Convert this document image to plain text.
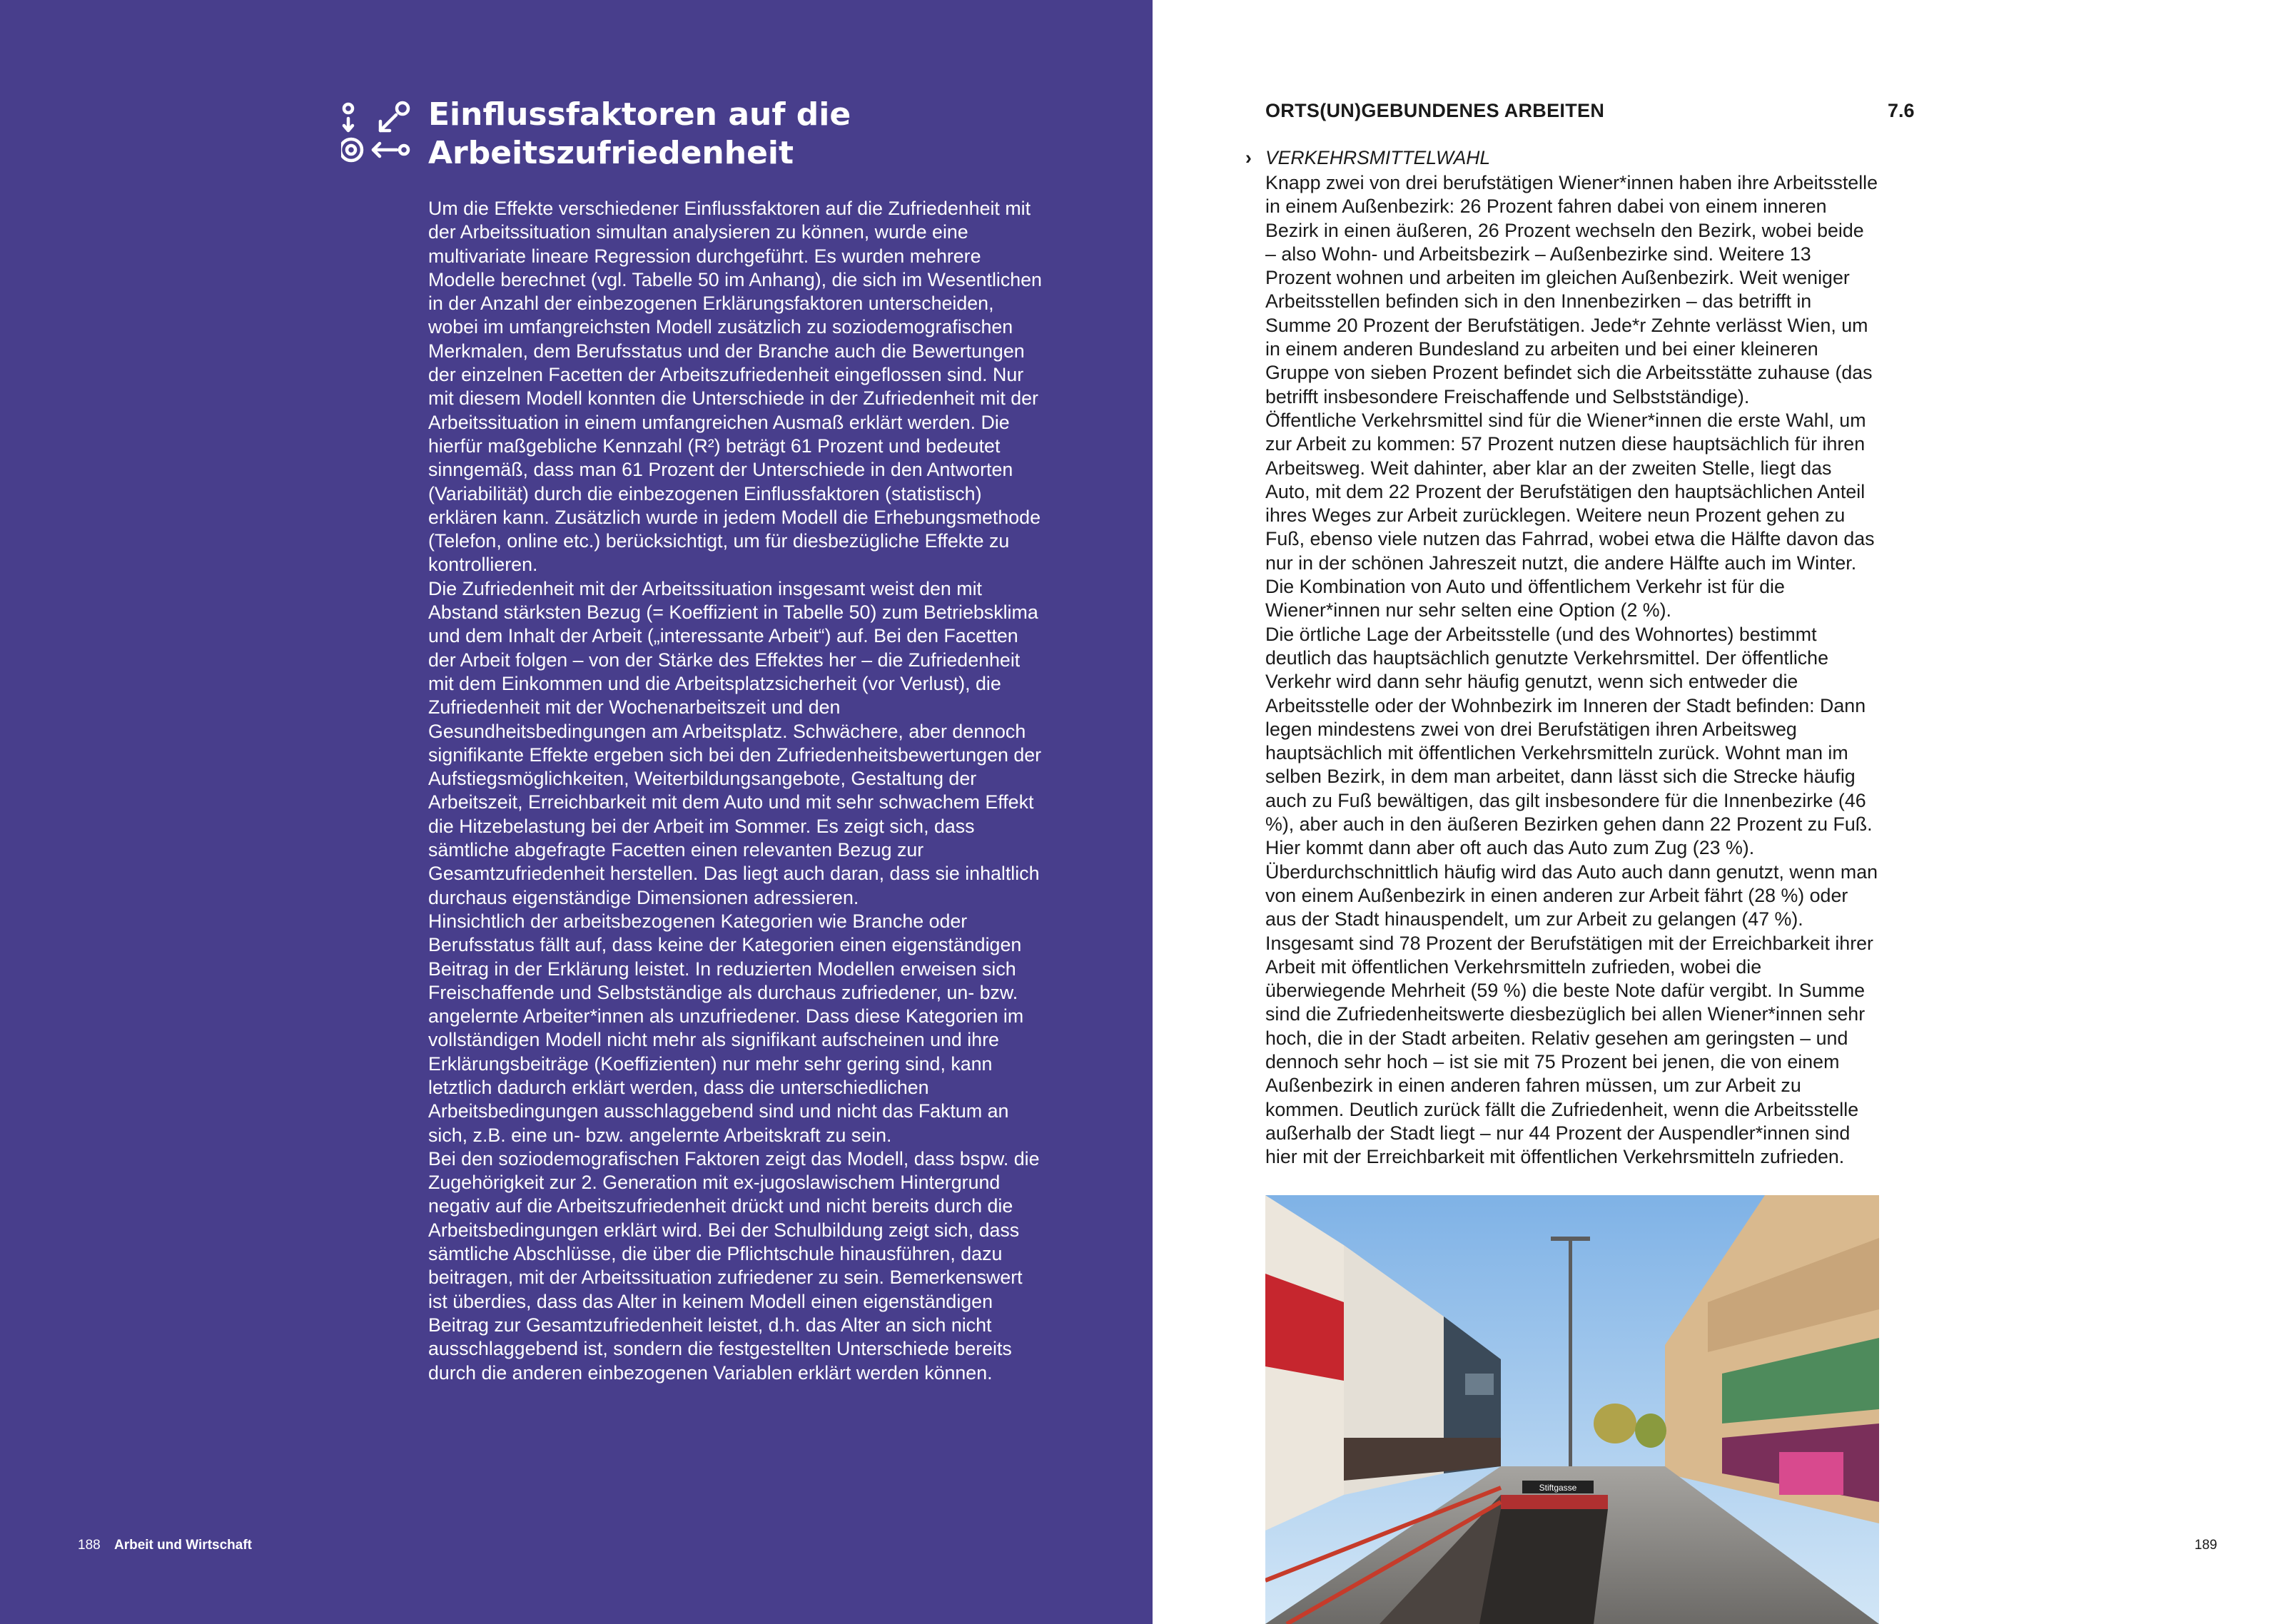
Einflussfaktoren auf die
Arbeitszufriedenheit

Um die Effekte verschiedener Einflussfaktoren auf die Zufriedenheit mit der Arbeitssituation simultan analysieren zu können, wurde eine multivariate lineare Regression durchgeführt. Es wurden mehrere Modelle berechnet (vgl. Tabelle 50 im Anhang), die sich im Wesentlichen in der Anzahl der einbezogenen Erklärungsfaktoren unterscheiden, wobei im umfangreichsten Modell zusätzlich zu soziodemografischen Merkmalen, dem Berufsstatus und der Branche auch die Bewertungen der einzelnen Facetten der Arbeitszufriedenheit eingeflossen sind. Nur mit diesem Modell konnten die Unterschiede in der Zufriedenheit mit der Arbeitssituation in einem umfangreichen Ausmaß erklärt werden. Die hierfür maßgebliche Kennzahl (R²) beträgt 61 Prozent und bedeutet sinngemäß, dass man 61 Prozent der Unterschiede in den Antworten (Variabilität) durch die einbezogenen Einflussfaktoren (statistisch) erklären kann. Zusätzlich wurde in jedem Modell die Erhebungsmethode (Telefon, online etc.) berücksichtigt, um für diesbezügliche Effekte zu kontrollieren.

Die Zufriedenheit mit der Arbeitssituation insgesamt weist den mit Abstand stärksten Bezug (= Koeffizient in Tabelle 50) zum Betriebsklima und dem Inhalt der Arbeit („interessante Arbeit“) auf. Bei den Facetten der Arbeit folgen – von der Stärke des Effektes her – die Zufriedenheit mit dem Einkommen und die Arbeitsplatzsicherheit (vor Verlust), die Zufriedenheit mit der Wochenarbeitszeit und den Gesundheitsbedingungen am Arbeitsplatz. Schwächere, aber dennoch signifikante Effekte ergeben sich bei den Zufriedenheitsbewertungen der Aufstiegsmöglichkeiten, Weiterbildungsangebote, Gestaltung der Arbeitszeit, Erreichbarkeit mit dem Auto und mit sehr schwachem Effekt die Hitzebelastung bei der Arbeit im Sommer. Es zeigt sich, dass sämtliche abgefragte Facetten einen relevanten Bezug zur Gesamtzufriedenheit herstellen. Das liegt auch daran, dass sie inhaltlich durchaus eigenständige Dimensionen adressieren.

Hinsichtlich der arbeitsbezogenen Kategorien wie Branche oder Berufsstatus fällt auf, dass keine der Kategorien einen eigenständigen Beitrag in der Erklärung leistet. In reduzierten Modellen erweisen sich Freischaffende und Selbstständige als durchaus zufriedener, un- bzw. angelernte Arbeiter*innen als unzufriedener. Dass diese Kategorien im vollständigen Modell nicht mehr als signifikant aufscheinen und ihre Erklärungsbeiträge (Koeffizienten) nur mehr sehr gering sind, kann letztlich dadurch erklärt werden, dass die unterschiedlichen Arbeitsbedingungen ausschlaggebend sind und nicht das Faktum an sich, z.B. eine un- bzw. angelernte Arbeitskraft zu sein.

Bei den soziodemografischen Faktoren zeigt das Modell, dass bspw. die Zugehörigkeit zur 2. Generation mit ex-jugoslawischem Hintergrund negativ auf die Arbeitszufriedenheit drückt und nicht bereits durch die Arbeitsbedingungen erklärt wird. Bei der Schulbildung zeigt sich, dass sämtliche Abschlüsse, die über die Pflichtschule hinausführen, dazu beitragen, mit der Arbeitssituation zufriedener zu sein. Bemerkenswert ist überdies, dass das Alter in keinem Modell einen eigenständigen Beitrag zur Gesamtzufriedenheit leistet, d.h. das Alter an sich nicht ausschlaggebend ist, sondern die festgestellten Unterschiede bereits durch die anderen einbezogenen Variablen erklärt werden können.

188 Arbeit und Wirtschaft
ORTS(UN)GEBUNDENES ARBEITEN	7.6
› VERKEHRSMITTELWAHL

Knapp zwei von drei berufstätigen Wiener*innen haben ihre Arbeitsstelle in einem Außenbezirk: 26 Prozent fahren dabei von einem inneren Bezirk in einen äußeren, 26 Prozent wechseln den Bezirk, wobei beide – also Wohn- und Arbeitsbezirk – Außenbezirke sind. Weitere 13 Prozent wohnen und arbeiten im gleichen Außenbezirk. Weit weniger Arbeitsstellen befinden sich in den Innenbezirken – das betrifft in Summe 20 Prozent der Berufstätigen. Jede*r Zehnte verlässt Wien, um in einem anderen Bundesland zu arbeiten und bei einer kleineren Gruppe von sieben Prozent befindet sich die Arbeitsstätte zuhause (das betrifft insbesondere Freischaffende und Selbstständige).

Öffentliche Verkehrsmittel sind für die Wiener*innen die erste Wahl, um zur Arbeit zu kommen: 57 Prozent nutzen diese hauptsächlich für ihren Arbeitsweg. Weit dahinter, aber klar an der zweiten Stelle, liegt das Auto, mit dem 22 Prozent der Berufstätigen den hauptsächlichen Anteil ihres Weges zur Arbeit zurücklegen. Weitere neun Prozent gehen zu Fuß, ebenso viele nutzen das Fahrrad, wobei etwa die Hälfte davon das nur in der schönen Jahreszeit nutzt, die andere Hälfte auch im Winter. Die Kombination von Auto und öffentlichem Verkehr ist für die Wiener*innen nur sehr selten eine Option (2 %).

Die örtliche Lage der Arbeitsstelle (und des Wohnortes) bestimmt deutlich das hauptsächlich genutzte Verkehrsmittel. Der öffentliche Verkehr wird dann sehr häufig genutzt, wenn sich entweder die Arbeitsstelle oder der Wohnbezirk im Inneren der Stadt befinden: Dann legen mindestens zwei von drei Berufstätigen ihren Arbeitsweg hauptsächlich mit öffentlichen Verkehrsmitteln zurück. Wohnt man im selben Bezirk, in dem man arbeitet, dann lässt sich die Strecke häufig auch zu Fuß bewältigen, das gilt insbesondere für die Innenbezirke (46 %), aber auch in den äußeren Bezirken gehen dann 22 Prozent zu Fuß. Hier kommt dann aber oft auch das Auto zum Zug (23 %). Überdurchschnittlich häufig wird das Auto auch dann genutzt, wenn man von einem Außenbezirk in einen anderen zur Arbeit fährt (28 %) oder aus der Stadt hinauspendelt, um zur Arbeit zu gelangen (47 %).

Insgesamt sind 78 Prozent der Berufstätigen mit der Erreichbarkeit ihrer Arbeit mit öffentlichen Verkehrsmitteln zufrieden, wobei die überwiegende Mehrheit (59 %) die beste Note dafür vergibt. In Summe sind die Zufriedenheitswerte diesbezüglich bei allen Wiener*innen sehr hoch, die in der Stadt arbeiten. Relativ gesehen am geringsten – und dennoch sehr hoch – ist sie mit 75 Prozent bei jenen, die von einem Außenbezirk in einen anderen fahren müssen, um zur Arbeit zu kommen. Deutlich zurück fällt die Zufriedenheit, wenn die Arbeitsstelle außerhalb der Stadt liegt – nur 44 Prozent der Auspendler*innen sind hier mit der Erreichbarkeit mit öffentlichen Verkehrsmitteln zufrieden.

Stiftgasse
189
